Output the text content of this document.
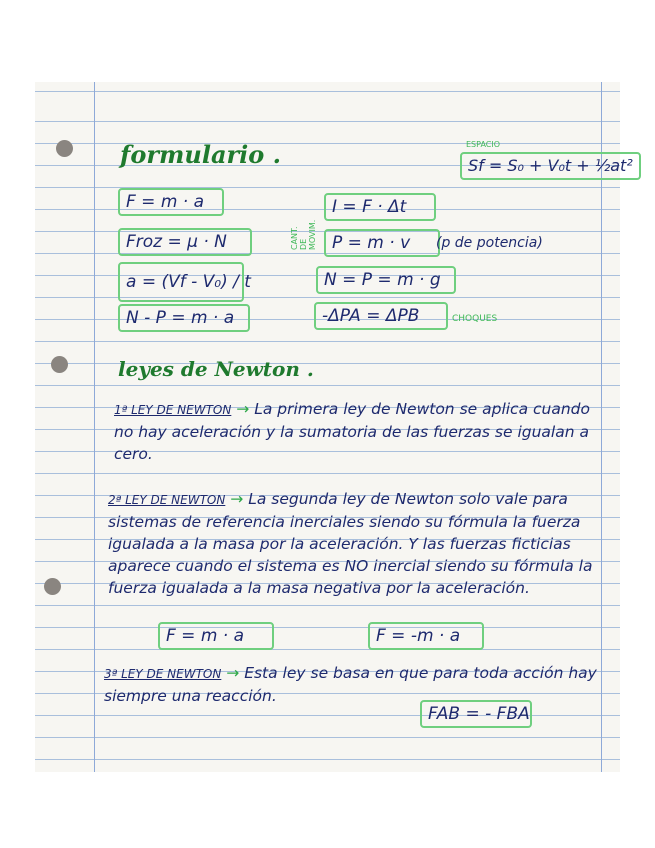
formulario .	ESPACIO
Sf = S₀ + V₀t + ½at²
F = m · a
Froz = μ · N
a = (Vf - V₀) / t
N - P = m · a
I = F · Δt
CANT. DE MOVIM. P = m · v	(p de potencia)
N = P = m · g
-ΔPA = ΔPB	CHOQUES
leyes de Newton .
1ª LEY DE NEWTON → La primera ley de Newton se aplica cuando no hay aceleración y la sumatoria de las fuerzas se igualan a cero.
2ª LEY DE NEWTON → La segunda ley de Newton solo vale para sistemas de referencia inerciales siendo su fórmula la fuerza igualada a la masa por la aceleración. Y las fuerzas ficticias aparece cuando el sistema es NO inercial siendo su fórmula la fuerza igualada a la masa negativa por la aceleración.
F = m · a	F = -m · a
3ª LEY DE NEWTON → Esta ley se basa en que para toda acción hay siempre una reacción.
FAB = - FBA
